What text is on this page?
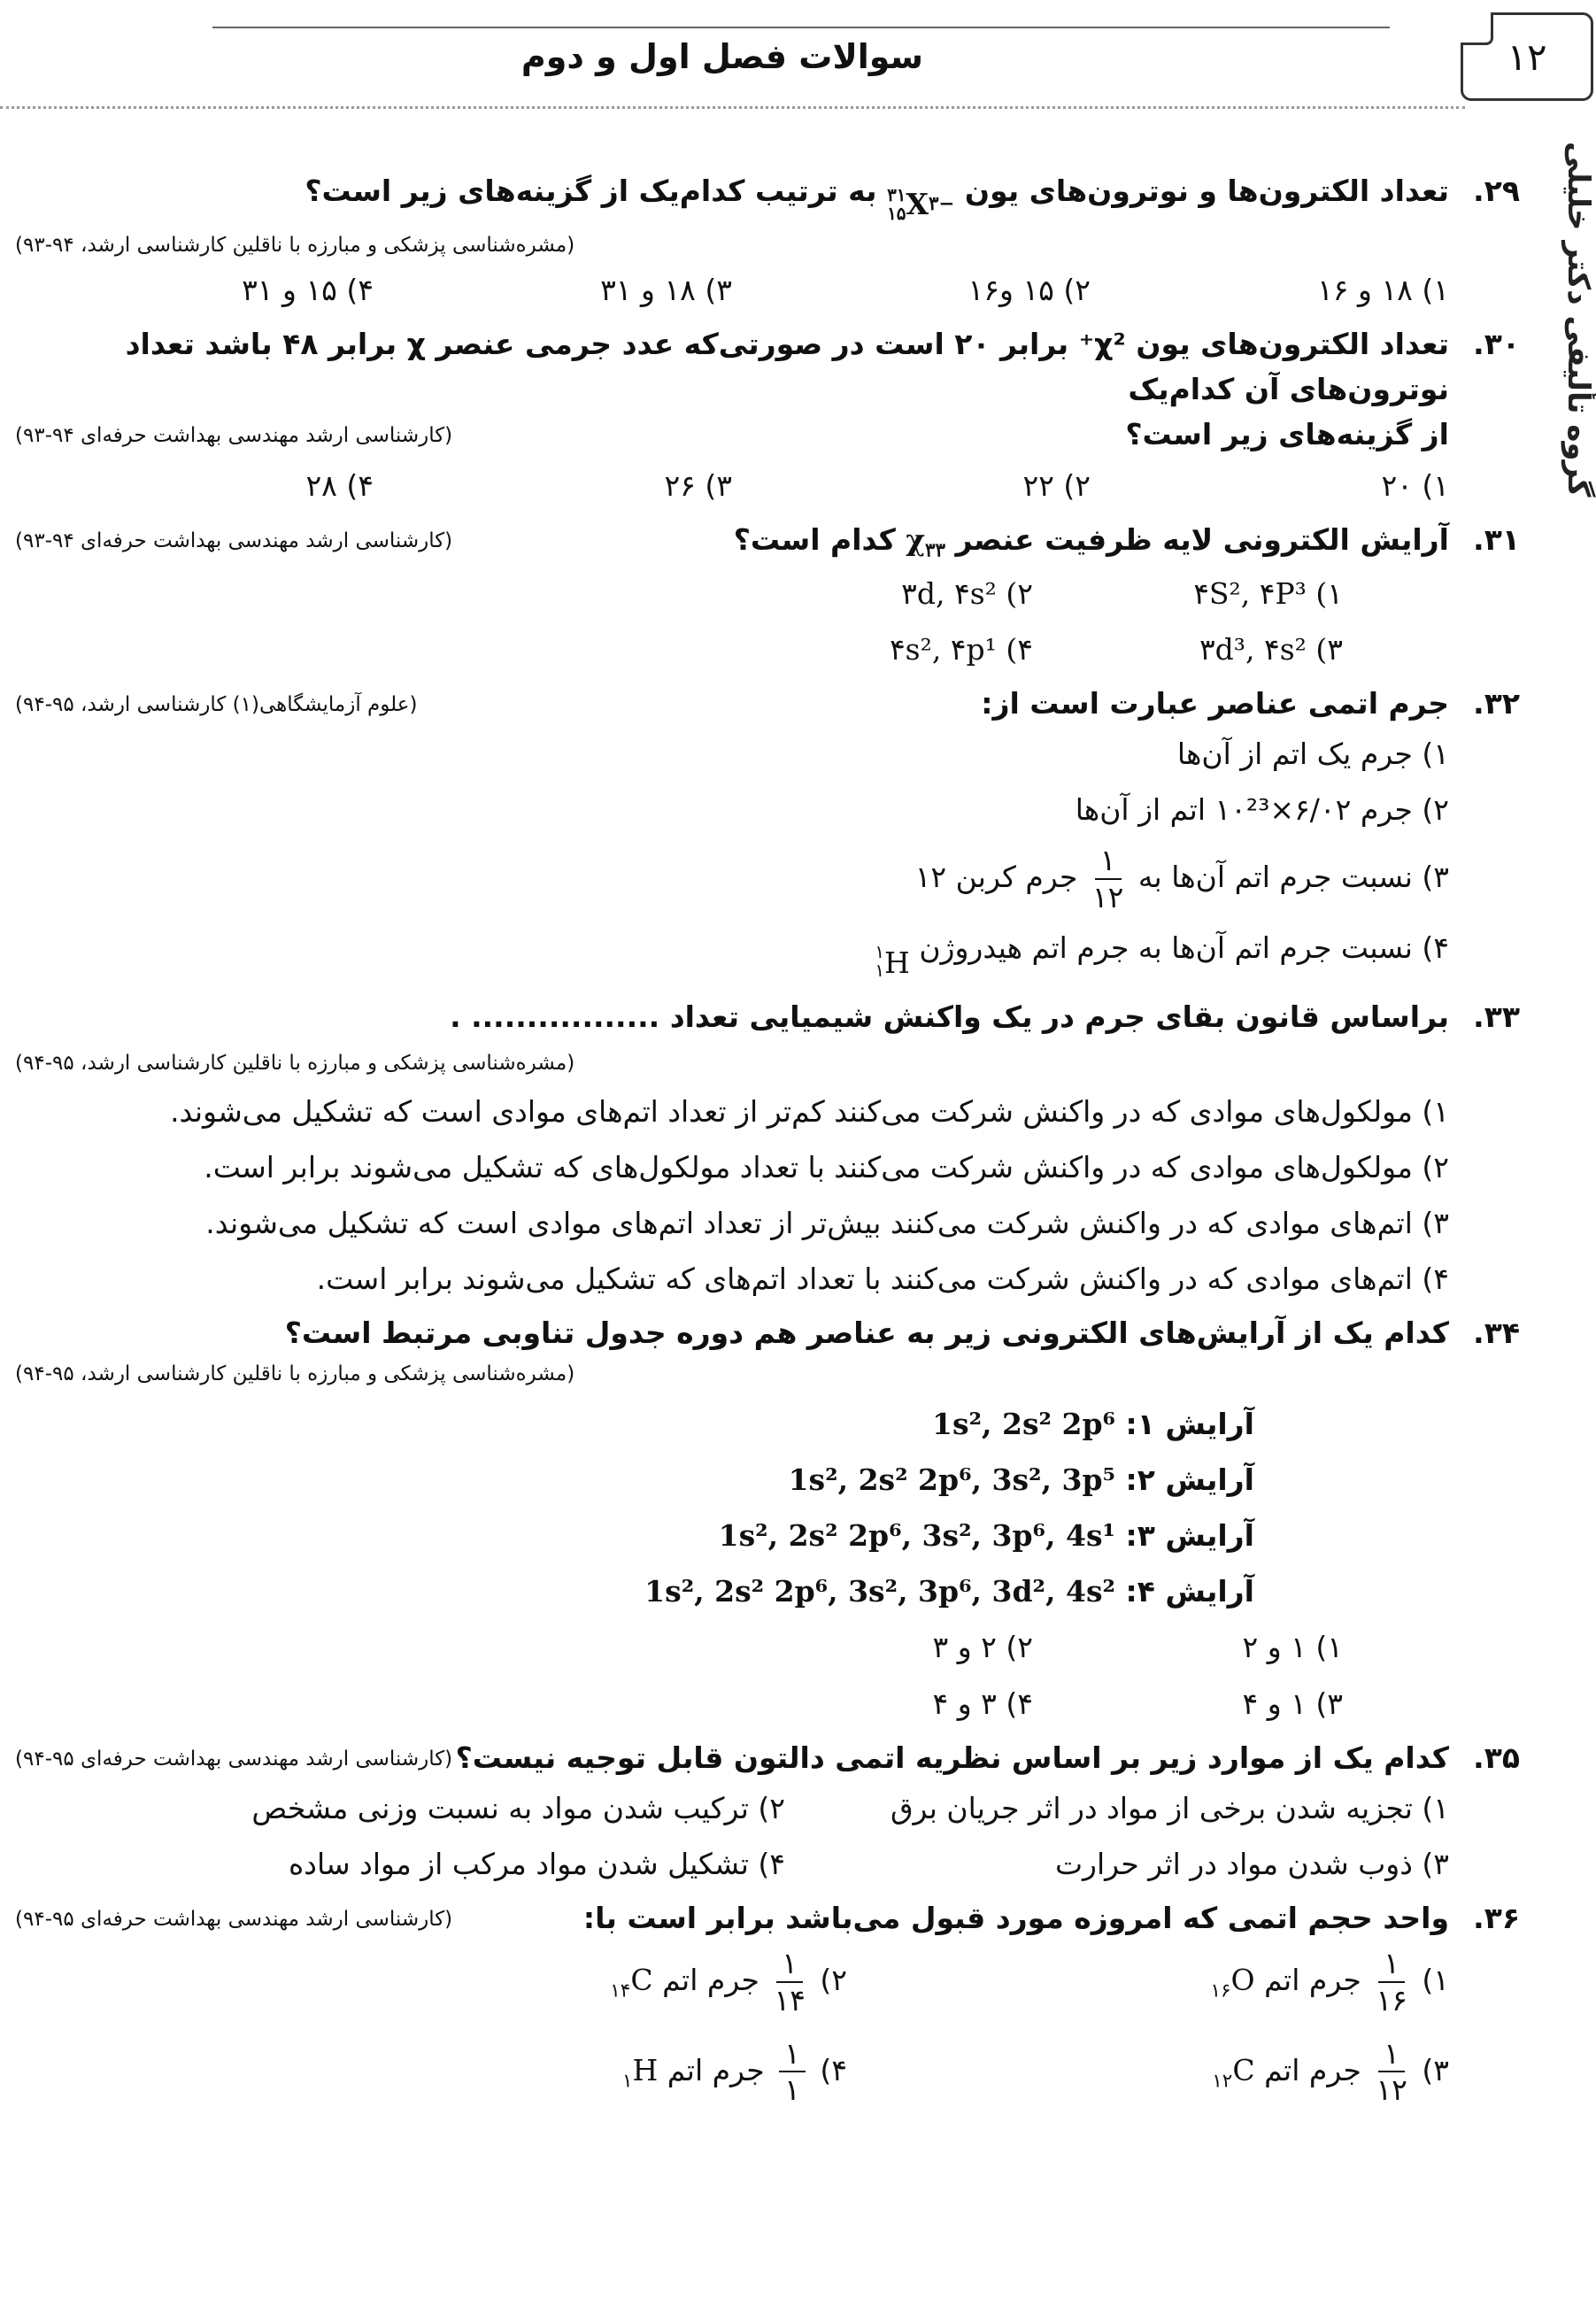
سوالات فصل اول و دوم	۱۲
گروه تألیفی دکتر خلیلی
۲۹.
تعداد الکترون‌ها و نوترون‌های یون
۳۱
۱۵ X ۳−
به ترتیب کدام‌یک از گزینه‌های زیر است؟
(مشره‌شناسی پزشکی و مبارزه با ناقلین کارشناسی ارشد، ۹۴-۹۳)
۱) ۱۸ و ۱۶
۲) ۱۵ و۱۶
۳) ۱۸ و ۳۱
۴) ۱۵ و ۳۱
۳۰.
تعداد الکترون‌های یون χ²⁺ برابر ۲۰ است در صورتی‌که عدد جرمی عنصر χ برابر ۴۸ باشد تعداد نوترون‌های آن کدام‌یک
از گزینه‌های زیر است؟
(کارشناسی ارشد مهندسی بهداشت حرفه‌ای ۹۴-۹۳)
۱) ۲۰
۲) ۲۲
۳) ۲۶
۴) ۲۸
۳۱.
آرایش الکترونی لایه ظرفیت عنصر $\chi_{۳۳}$ کدام است؟
(کارشناسی ارشد مهندسی بهداشت حرفه‌ای ۹۴-۹۳)
۱) ۴S², ۴P³
۲) ۳d, ۴s²
۳) ۳d³, ۴s²
۴) ۴s², ۴p¹
۳۲.
جرم اتمی عناصر عبارت است از:
(علوم آزمایشگاهی(۱) کارشناسی ارشد، ۹۵-۹۴)
۱) جرم یک اتم از آن‌ها
۲) جرم ۶/۰۲×۱۰²³ اتم از آن‌ها
۳) نسبت جرم اتم آن‌ها به
$\frac{۱}{۱۲}$
جرم کربن ۱۲
۴) نسبت جرم اتم آن‌ها به جرم اتم هیدروژن
۱
۱ H
۳۳.
براساس قانون بقای جرم در یک واکنش شیمیایی تعداد ................. .
(مشره‌شناسی پزشکی و مبارزه با ناقلین کارشناسی ارشد، ۹۵-۹۴)
۱) مولکول‌های موادی که در واکنش شرکت می‌کنند کم‌تر از تعداد اتم‌های موادی است که تشکیل می‌شوند.
۲) مولکول‌های موادی که در واکنش شرکت می‌کنند با تعداد مولکول‌های که تشکیل می‌شوند برابر است.
۳) اتم‌های موادی که در واکنش شرکت می‌کنند بیش‌تر از تعداد اتم‌های موادی است که تشکیل می‌شوند.
۴) اتم‌های موادی که در واکنش شرکت می‌کنند با تعداد اتم‌های که تشکیل می‌شوند برابر است.
۳۴.
کدام یک از آرایش‌های الکترونی زیر به عناصر هم دوره جدول تناوبی مرتبط است؟
(مشره‌شناسی پزشکی و مبارزه با ناقلین کارشناسی ارشد، ۹۵-۹۴)
آرایش ۱: 1s², 2s² 2p⁶
آرایش ۲: 1s², 2s² 2p⁶, 3s², 3p⁵
آرایش ۳: 1s², 2s² 2p⁶, 3s², 3p⁶, 4s¹
آرایش ۴: 1s², 2s² 2p⁶, 3s², 3p⁶, 3d², 4s²
۱) ۱ و ۲
۲) ۲ و ۳
۳) ۱ و ۴
۴) ۳ و ۴
۳۵.
کدام یک از موارد زیر بر اساس نظریه اتمی دالتون قابل توجیه نیست؟
(کارشناسی ارشد مهندسی بهداشت حرفه‌ای ۹۵-۹۴)
۱) تجزیه شدن برخی از مواد در اثر جریان برق
۲) ترکیب شدن مواد به نسبت وزنی مشخص
۳) ذوب شدن مواد در اثر حرارت
۴) تشکیل شدن مواد مرکب از مواد ساده
۳۶.
واحد حجم اتمی که امروزه مورد قبول می‌باشد برابر است با:
(کارشناسی ارشد مهندسی بهداشت حرفه‌ای ۹۵-۹۴)
۱)
$\frac{۱}{۱۶}$
جرم اتم $_{۱۶}$O
۲)
$\frac{۱}{۱۴}$
جرم اتم $_{۱۴}$C
۳)
$\frac{۱}{۱۲}$
جرم اتم $_{۱۲}$C
۴)
$\frac{۱}{۱}$
جرم اتم $_۱$H
